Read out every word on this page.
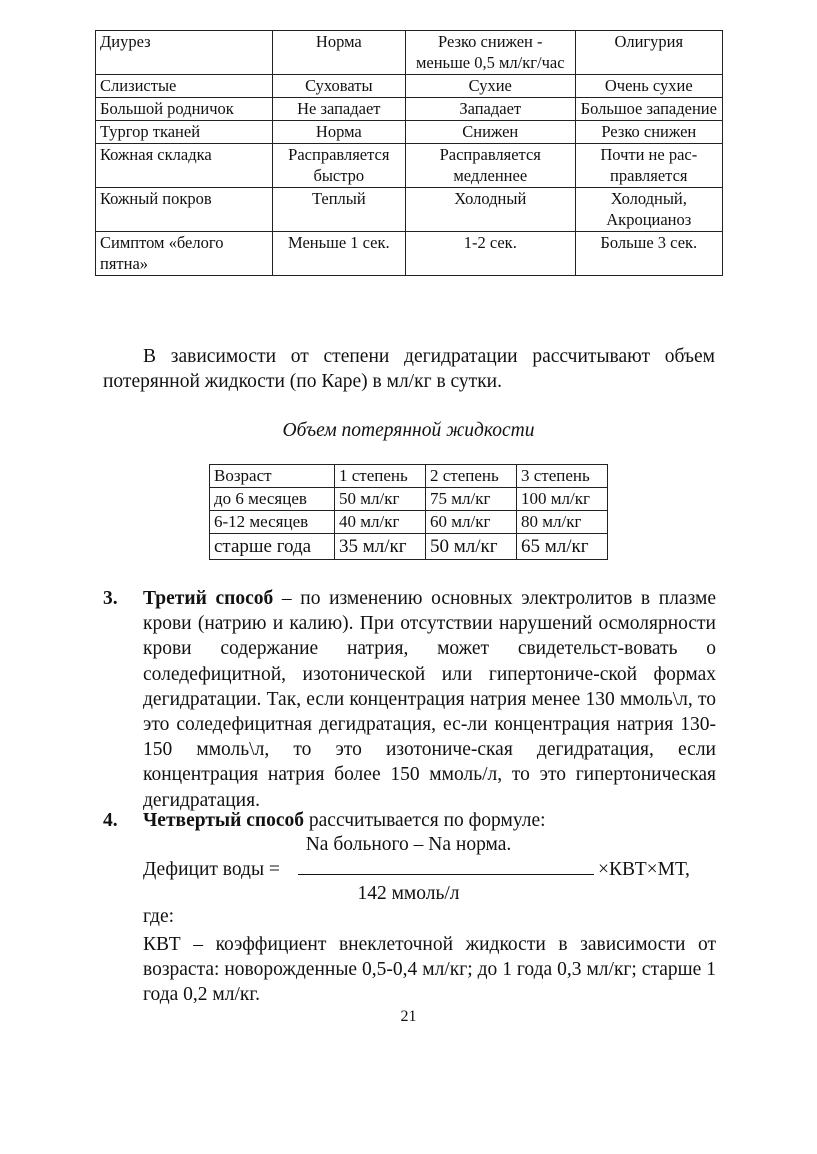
Диурез	Норма	Резко снижен - меньше 0,5 мл/кг/час	Олигурия
Слизистые	Суховаты	Сухие	Очень сухие
Большой родничок	Не западает	Западает	Большое западение
Тургор тканей	Норма	Снижен	Резко снижен
Кожная складка	Расправляется быстро	Расправляется медленнее	Почти не рас-правляется
Кожный покров	Теплый	Холодный	Холодный, Акроцианоз
Симптом «белого пятна»	Меньше 1 сек.	1-2 сек.	Больше 3 сек.
В зависимости от степени дегидратации рассчитывают объем потерянной жидкости (по Каре) в мл/кг в сутки.
Объем потерянной жидкости
Возраст	1 степень	2 степень	3 степень
до 6 месяцев	50 мл/кг	75 мл/кг	100 мл/кг
6-12 месяцев	40 мл/кг	60 мл/кг	80 мл/кг
старше года	35 мл/кг	50 мл/кг	65 мл/кг
3. Третий способ – по изменению основных электролитов в плазме крови (натрию и калию). При отсутствии нарушений осмолярности крови содержание натрия, может свидетельст-вовать о соледефицитной, изотонической или гипертониче-ской формах дегидратации. Так, если концентрация натрия менее 130 ммоль\л, то это соледефицитная дегидратация, ес-ли концентрация натрия 130-150 ммоль\л, то это изотониче-ская дегидратация, если концентрация натрия более 150 ммоль/л, то это гипертоническая дегидратация.
4. Четвертый способ рассчитывается по формуле:
Na больного – Na норма.
Дефицит воды =	×КВТ×МТ,
142 ммоль/л
где:
КВТ – коэффициент внеклеточной жидкости в зависимости от возраста: новорожденные 0,5-0,4 мл/кг; до 1 года 0,3 мл/кг; старше 1 года 0,2 мл/кг.
21
